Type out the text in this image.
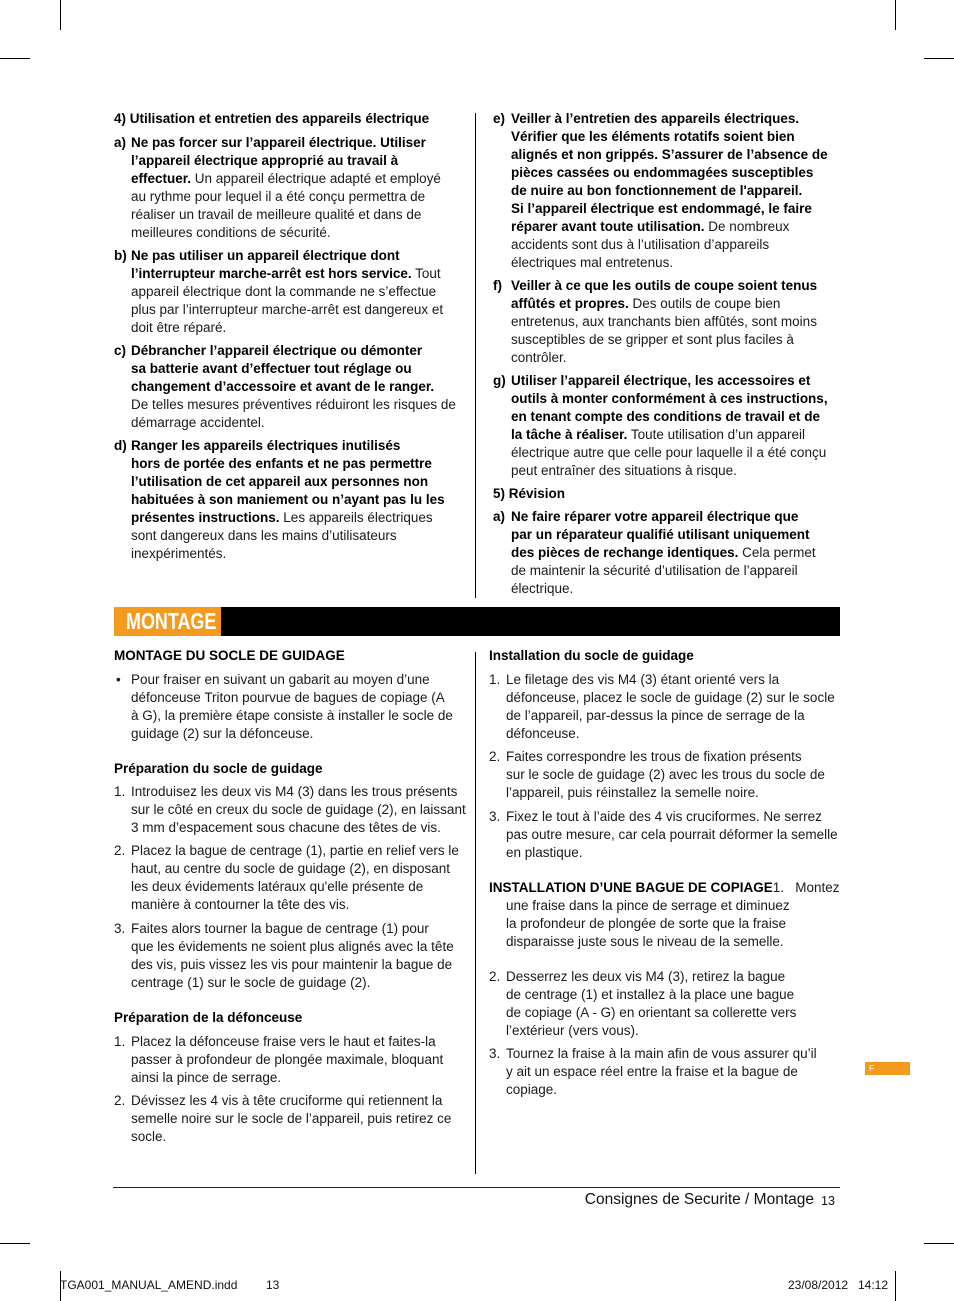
4) Utilisation et entretien des appareils électrique

a) Ne pas forcer sur l’appareil électrique. Utiliser
l’appareil électrique approprié au travail à
effectuer. Un appareil électrique adapté et employé
au rythme pour lequel il a été conçu permettra de
réaliser un travail de meilleure qualité et dans de
meilleures conditions de sécurité.

b) Ne pas utiliser un appareil électrique dont
l’interrupteur marche-arrêt est hors service. Tout
appareil électrique dont la commande ne s’effectue
plus par l’interrupteur marche-arrêt est dangereux et
doit être réparé.

c) Débrancher l’appareil électrique ou démonter
sa batterie avant d’effectuer tout réglage ou
changement d’accessoire et avant de le ranger.
De telles mesures préventives réduiront les risques de
démarrage accidentel.

d) Ranger les appareils électriques inutilisés
hors de portée des enfants et ne pas permettre
l’utilisation de cet appareil aux personnes non
habituées à son maniement ou n’ayant pas lu les
présentes instructions. Les appareils électriques
sont dangereux dans les mains d’utilisateurs
inexpérimentés.

e) Veiller à l’entretien des appareils électriques.
Vérifier que les éléments rotatifs soient bien
alignés et non grippés. S’assurer de l’absence de
pièces cassées ou endommagées susceptibles
de nuire au bon fonctionnement de l'appareil.
Si l’appareil électrique est endommagé, le faire
réparer avant toute utilisation. De nombreux
accidents sont dus à l’utilisation d’appareils
électriques mal entretenus.

f) Veiller à ce que les outils de coupe soient tenus
affûtés et propres. Des outils de coupe bien
entretenus, aux tranchants bien affûtés, sont moins
susceptibles de se gripper et sont plus faciles à
contrôler.

g) Utiliser l’appareil électrique, les accessoires et
outils à monter conformément à ces instructions,
en tenant compte des conditions de travail et de
la tâche à réaliser. Toute utilisation d’un appareil
électrique autre que celle pour laquelle il a été conçu
peut entraîner des situations à risque.

5) Révision

a) Ne faire réparer votre appareil électrique que
par un réparateur qualifié utilisant uniquement
des pièces de rechange identiques. Cela permet
de maintenir la sécurité d’utilisation de l’appareil
électrique.

MONTAGE

MONTAGE DU SOCLE DE GUIDAGE

• Pour fraiser en suivant un gabarit au moyen d’une
défonceuse Triton pourvue de bagues de copiage (A
à G), la première étape consiste à installer le socle de
guidage (2) sur la défonceuse.

Préparation du socle de guidage

1. Introduisez les deux vis M4 (3) dans les trous présents
sur le côté en creux du socle de guidage (2), en laissant
3 mm d’espacement sous chacune des têtes de vis.

2. Placez la bague de centrage (1), partie en relief vers le
haut, au centre du socle de guidage (2), en disposant
les deux évidements latéraux qu'elle présente de
manière à contourner la tête des vis.

3. Faites alors tourner la bague de centrage (1) pour
que les évidements ne soient plus alignés avec la tête
des vis, puis vissez les vis pour maintenir la bague de
centrage (1) sur le socle de guidage (2).

Préparation de la défonceuse

1. Placez la défonceuse fraise vers le haut et faites-la
passer à profondeur de plongée maximale, bloquant
ainsi la pince de serrage.

2. Dévissez les 4 vis à tête cruciforme qui retiennent la
semelle noire sur le socle de l’appareil, puis retirez ce
socle.

Installation du socle de guidage

1. Le filetage des vis M4 (3) étant orienté vers la
défonceuse, placez le socle de guidage (2) sur le socle
de l’appareil, par-dessus la pince de serrage de la
défonceuse.

2. Faites correspondre les trous de fixation présents
sur le socle de guidage (2) avec les trous du socle de
l’appareil, puis réinstallez la semelle noire.

3. Fixez le tout à l’aide des 4 vis cruciformes. Ne serrez
pas outre mesure, car cela pourrait déformer la semelle
en plastique.

INSTALLATION D’UNE BAGUE DE COPIAGE1.   Montez
une fraise dans la pince de serrage et diminuez
la profondeur de plongée de sorte que la fraise
disparaisse juste sous le niveau de la semelle.

2. Desserrez les deux vis M4 (3), retirez la bague
de centrage (1) et installez à la place une bague
de copiage (A - G) en orientant sa collerette vers
l’extérieur (vers vous).

3. Tournez la fraise à la main afin de vous assurer qu’il
y ait un espace réel entre la fraise et la bague de
copiage.

F
Consignes de Securite / Montage 13
TGA001_MANUAL_AMEND.indd 13	23/08/2012 14:12
